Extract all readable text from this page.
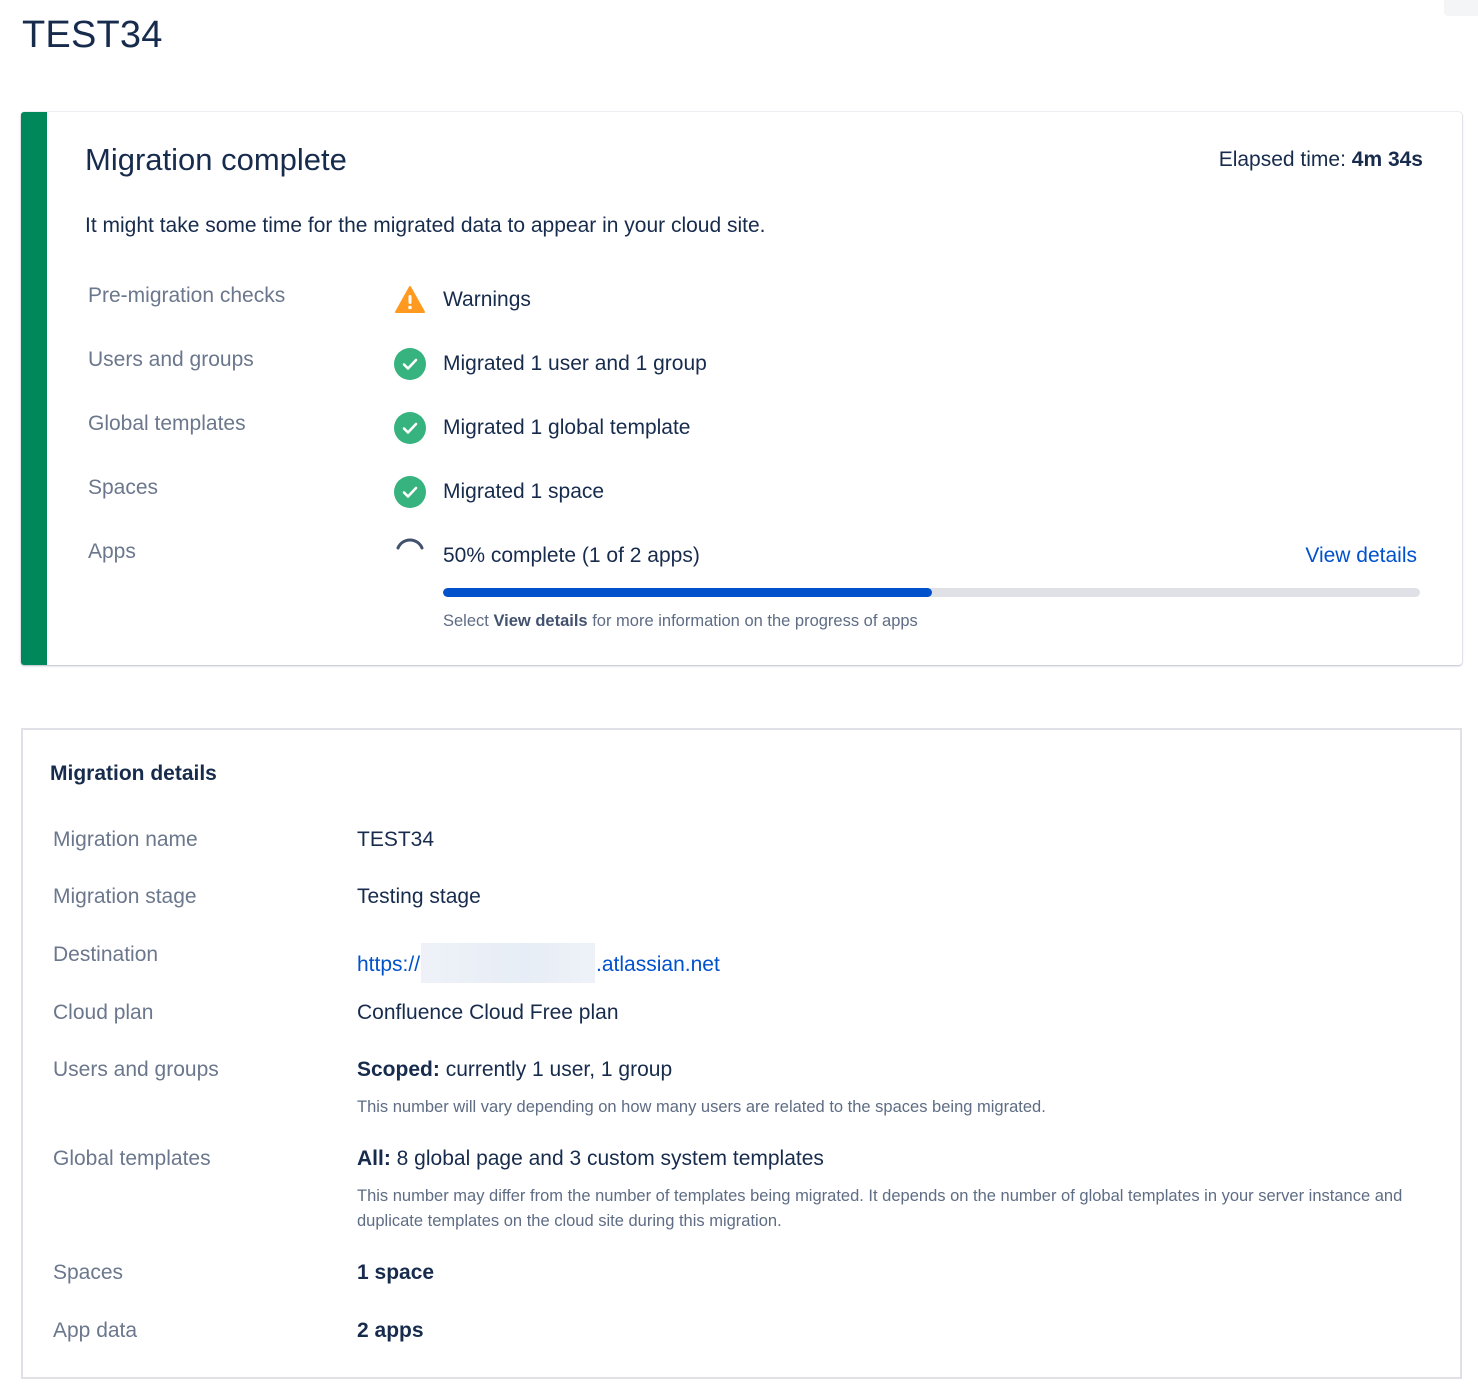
TEST34
Migration complete	Elapsed time: 4m 34s
It might take some time for the migrated data to appear in your cloud site.
Pre-migration checks	Warnings
Users and groups	Migrated 1 user and 1 group
Global templates	Migrated 1 global template
Spaces	Migrated 1 space
Apps	50% complete (1 of 2 apps)	View details
Select View details for more information on the progress of apps
Migration details
Migration name	TEST34
Migration stage	Testing stage
Destination	https://	.atlassian.net
Cloud plan	Confluence Cloud Free plan
Users and groups	Scoped: currently 1 user, 1 group
This number will vary depending on how many users are related to the spaces being migrated.
Global templates	All: 8 global page and 3 custom system templates
This number may differ from the number of templates being migrated. It depends on the number of global templates in your server instance and duplicate templates on the cloud site during this migration.
Spaces	1 space
App data	2 apps
